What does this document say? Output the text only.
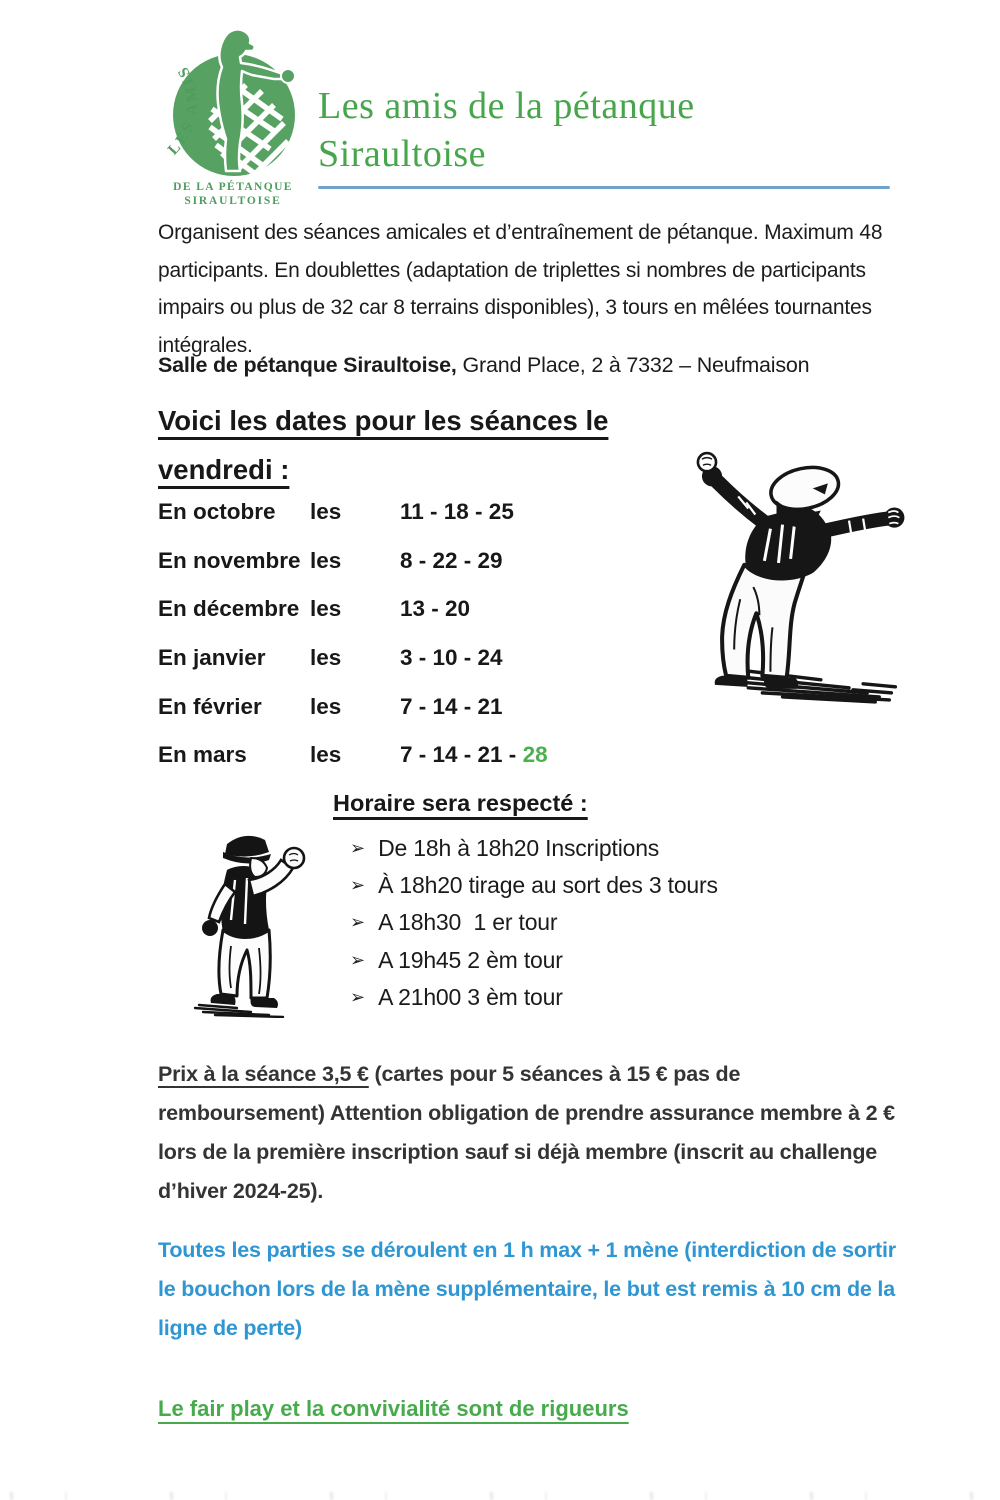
LES AMIS
DE LA PÉTANQUE
SIRAULTOISE
Les amis de la pétanque
Siraultoise

Organisent des séances amicales et d’entraînement de pétanque. Maximum 48 participants. En doublettes (adaptation de triplettes si nombres de participants impairs ou plus de 32 car 8 terrains disponibles), 3 tours en mêlées tournantes intégrales.

Salle de pétanque Siraultoise, Grand Place, 2 à 7332 – Neufmaison

Voici les dates pour les séances le
vendredi :
En octobre les	11 - 18 - 25
En novembre les	8 - 22 - 29
En décembre les	13 - 20
En janvier les	3 - 10 - 24
En février les	7 - 14 - 21
En mars	les	7 - 14 - 21 - 28
Horaire sera respecté :
➢ De 18h à 18h20 Inscriptions
➢ À 18h20 tirage au sort des 3 tours
➢ A 18h30  1 er tour
➢ A 19h45 2 èm tour
➢ A 21h00 3 èm tour

Prix à la séance 3,5 € (cartes pour 5 séances à 15 € pas de remboursement) Attention obligation de prendre assurance membre à 2 € lors de la première inscription sauf si déjà membre (inscrit au challenge d’hiver 2024-25).

Toutes les parties se déroulent en 1 h max + 1 mène (interdiction de sortir le bouchon lors de la mène supplémentaire, le but est remis à 10 cm de la ligne de perte)

Le fair play et la convivialité sont de rigueurs
